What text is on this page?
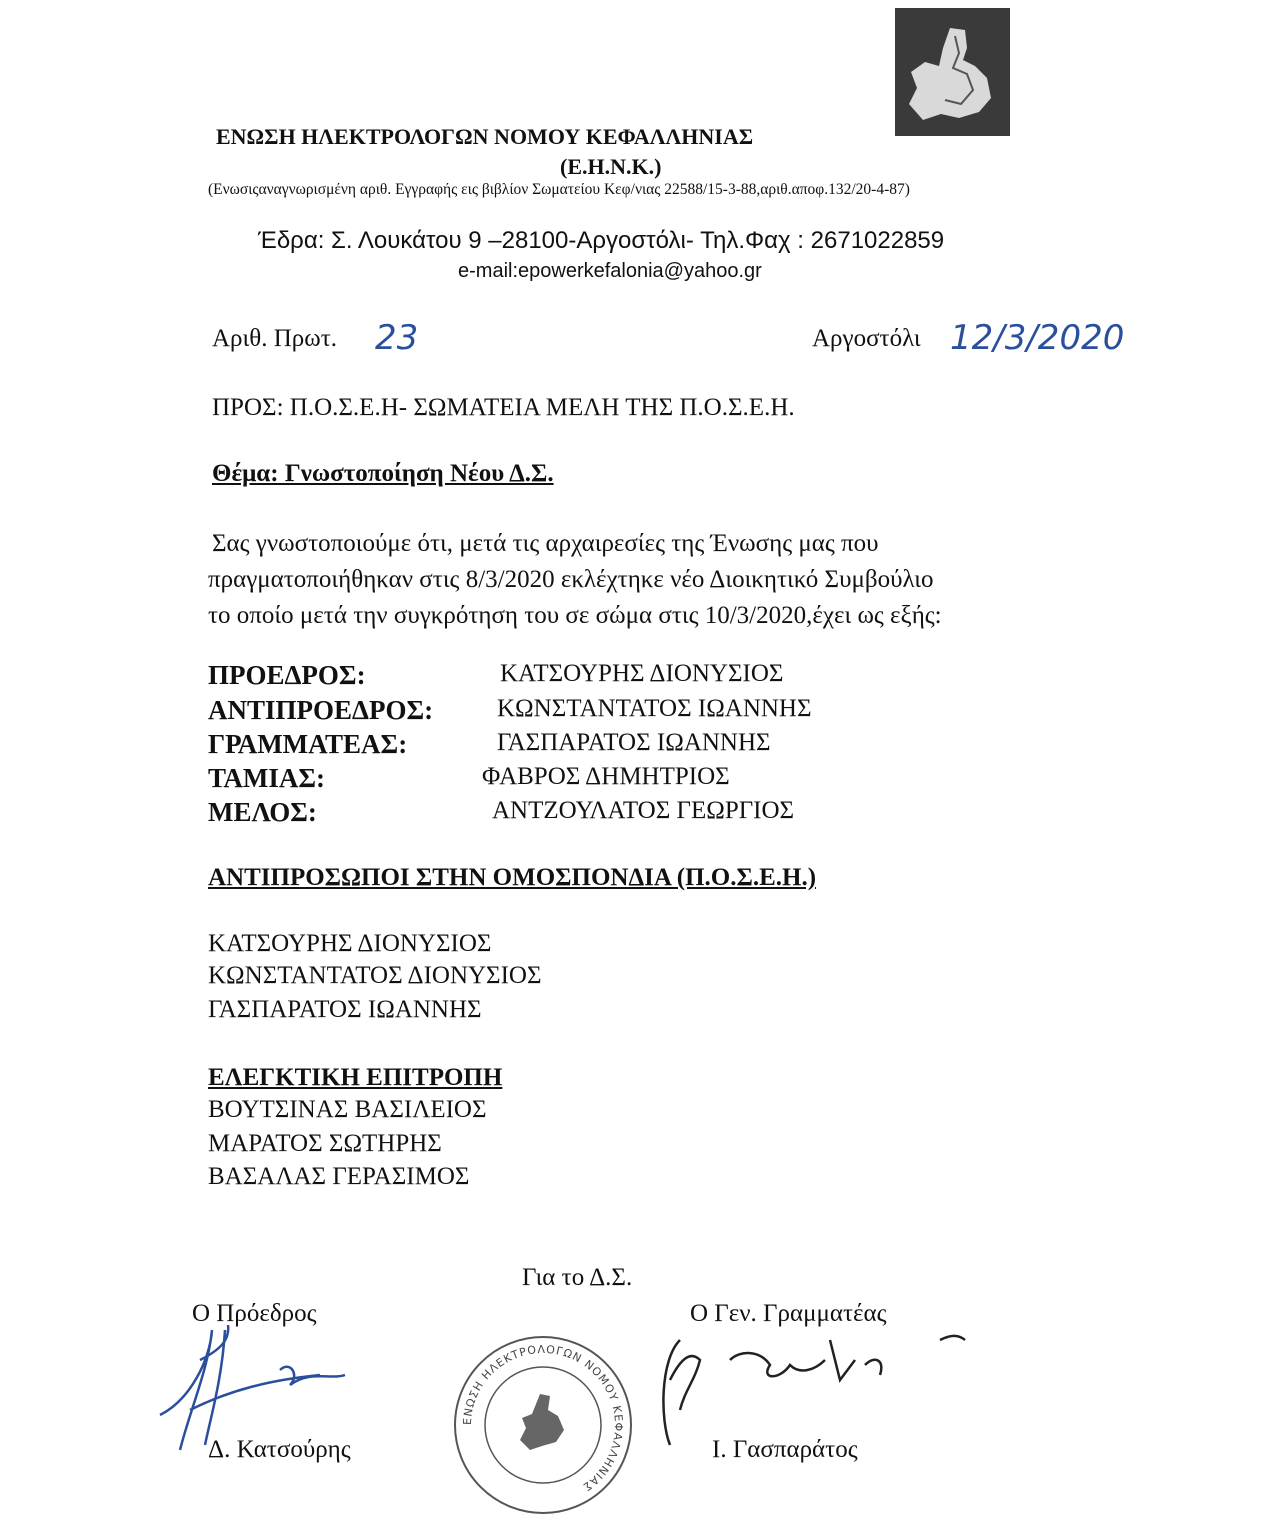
ΕΝΩΣΗ ΗΛΕΚΤΡΟΛΟΓΩΝ ΝΟΜΟΥ ΚΕΦΑΛΛΗΝΙΑΣ
(Ε.Η.Ν.Κ.)
(Ενωσιςαναγνωρισμένη αριθ. Εγγραφής εις βιβλίον Σωματείου Κεφ/νιας 22588/15-3-88,αριθ.αποφ.132/20-4-87)
Έδρα: Σ. Λουκάτου 9 –28100-Αργοστόλι- Τηλ.Φαχ : 2671022859
e-mail:epowerkefalonia@yahoo.gr
Αριθ. Πρωτ. 23	Αργοστόλι 12/3/2020
ΠΡΟΣ: Π.Ο.Σ.Ε.Η- ΣΩΜΑΤΕΙΑ ΜΕΛΗ ΤΗΣ Π.Ο.Σ.Ε.Η.
Θέμα: Γνωστοποίηση Νέου Δ.Σ.
Σας γνωστοποιούμε ότι, μετά τις αρχαιρεσίες της Ένωσης μας που
πραγματοποιήθηκαν στις 8/3/2020 εκλέχτηκε νέο Διοικητικό Συμβούλιο
το οποίο μετά την συγκρότηση του σε σώμα στις 10/3/2020,έχει ως εξής:
ΠΡΟΕΔΡΟΣ:	ΚΑΤΣΟΥΡΗΣ ΔΙΟΝΥΣΙΟΣ
ΑΝΤΙΠΡΟΕΔΡΟΣ:	ΚΩΝΣΤΑΝΤΑΤΟΣ ΙΩΑΝΝΗΣ
ΓΡΑΜΜΑΤΕΑΣ:	ΓΑΣΠΑΡΑΤΟΣ ΙΩΑΝΝΗΣ
ΤΑΜΙΑΣ:	ΦΑΒΡΟΣ ΔΗΜΗΤΡΙΟΣ
ΜΕΛΟΣ:	ΑΝΤΖΟΥΛΑΤΟΣ ΓΕΩΡΓΙΟΣ
ΑΝΤΙΠΡΟΣΩΠΟΙ ΣΤΗΝ ΟΜΟΣΠΟΝΔΙΑ (Π.Ο.Σ.Ε.Η.)
ΚΑΤΣΟΥΡΗΣ ΔΙΟΝΥΣΙΟΣ
ΚΩΝΣΤΑΝΤΑΤΟΣ ΔΙΟΝΥΣΙΟΣ
ΓΑΣΠΑΡΑΤΟΣ ΙΩΑΝΝΗΣ
ΕΛΕΓΚΤΙΚΗ ΕΠΙΤΡΟΠΗ
ΒΟΥΤΣΙΝΑΣ ΒΑΣΙΛΕΙΟΣ
ΜΑΡΑΤΟΣ ΣΩΤΗΡΗΣ
ΒΑΣΑΛΑΣ ΓΕΡΑΣΙΜΟΣ
Για το Δ.Σ.
Ο Πρόεδρος	Ο Γεν. Γραμματέας
Δ. Κατσούρης
ΕΝΩΣΗ ΗΛΕΚΤΡΟΛΟΓΩΝ ΝΟΜΟΥ ΚΕΦΑΛΛΗΝΙΑΣ
Ι. Γασπαράτος
